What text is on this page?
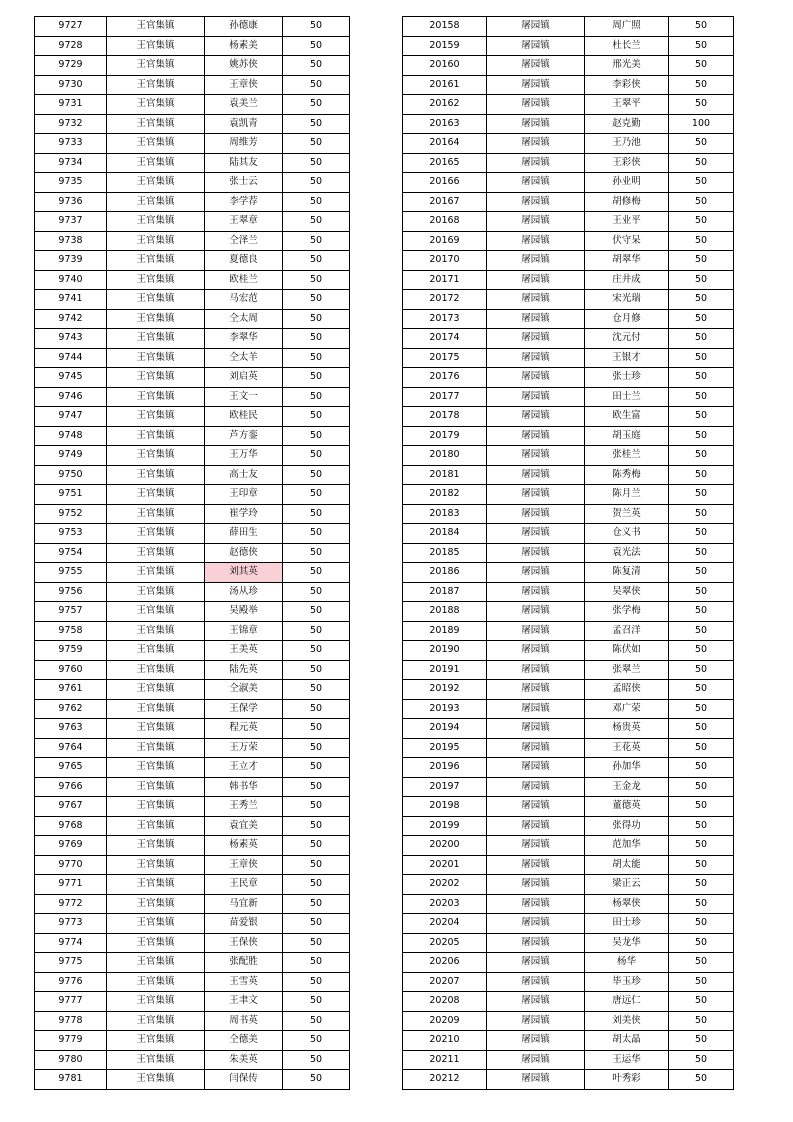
9727	王官集镇	孙德康	50
9728	王官集镇	杨素美	50
9729	王官集镇	姚苏侠	50
9730	王官集镇	王章侠	50
9731	王官集镇	袁美兰	50
9732	王官集镇	袁凯青	50
9733	王官集镇	周维芳	50
9734	王官集镇	陆其友	50
9735	王官集镇	张士云	50
9736	王官集镇	李学荐	50
9737	王官集镇	王翠章	50
9738	王官集镇	仝泽兰	50
9739	王官集镇	夏德良	50
9740	王官集镇	欧桂兰	50
9741	王官集镇	马宏范	50
9742	王官集镇	仝太周	50
9743	王官集镇	李翠华	50
9744	王官集镇	仝太羊	50
9745	王官集镇	刘启英	50
9746	王官集镇	王文一	50
9747	王官集镇	欧桂民	50
9748	王官集镇	芦方銮	50
9749	王官集镇	王万华	50
9750	王官集镇	高士友	50
9751	王官集镇	王印章	50
9752	王官集镇	崔学玲	50
9753	王官集镇	薛田生	50
9754	王官集镇	赵德侠	50
9755	王官集镇	刘其英	50
9756	王官集镇	汤从珍	50
9757	王官集镇	吴殿举	50
9758	王官集镇	王锦章	50
9759	王官集镇	王美英	50
9760	王官集镇	陆先英	50
9761	王官集镇	仝淑美	50
9762	王官集镇	王保学	50
9763	王官集镇	程元英	50
9764	王官集镇	王万荣	50
9765	王官集镇	王立才	50
9766	王官集镇	韩书华	50
9767	王官集镇	王秀兰	50
9768	王官集镇	袁宜美	50
9769	王官集镇	杨素英	50
9770	王官集镇	王章侠	50
9771	王官集镇	王民章	50
9772	王官集镇	马宜新	50
9773	王官集镇	苗爱银	50
9774	王官集镇	王保侠	50
9775	王官集镇	张配胜	50
9776	王官集镇	王雪英	50
9777	王官集镇	王聿文	50
9778	王官集镇	周书英	50
9779	王官集镇	仝德美	50
9780	王官集镇	朱美英	50
9781	王官集镇	闫保传	50
20158	屠园镇	周广照	50
20159	屠园镇	杜长兰	50
20160	屠园镇	邢光美	50
20161	屠园镇	李彩侠	50
20162	屠园镇	王翠平	50
20163	屠园镇	赵克勤	100
20164	屠园镇	王乃池	50
20165	屠园镇	王彩侠	50
20166	屠园镇	孙业明	50
20167	屠园镇	胡修梅	50
20168	屠园镇	王业平	50
20169	屠园镇	伏守呆	50
20170	屠园镇	胡翠华	50
20171	屠园镇	庄井成	50
20172	屠园镇	宋光瑞	50
20173	屠园镇	仓月修	50
20174	屠园镇	沈元付	50
20175	屠园镇	王银才	50
20176	屠园镇	张士珍	50
20177	屠园镇	田士兰	50
20178	屠园镇	欧生富	50
20179	屠园镇	胡玉庭	50
20180	屠园镇	张桂兰	50
20181	屠园镇	陈秀梅	50
20182	屠园镇	陈月兰	50
20183	屠园镇	贺兰英	50
20184	屠园镇	仓义书	50
20185	屠园镇	袁光法	50
20186	屠园镇	陈复清	50
20187	屠园镇	吴翠侠	50
20188	屠园镇	张学梅	50
20189	屠园镇	孟召洋	50
20190	屠园镇	陈伏如	50
20191	屠园镇	张翠兰	50
20192	屠园镇	孟昭侠	50
20193	屠园镇	邓广荣	50
20194	屠园镇	杨贵英	50
20195	屠园镇	王花英	50
20196	屠园镇	孙加华	50
20197	屠园镇	王金龙	50
20198	屠园镇	董德英	50
20199	屠园镇	张得功	50
20200	屠园镇	范加华	50
20201	屠园镇	胡太能	50
20202	屠园镇	梁正云	50
20203	屠园镇	杨翠侠	50
20204	屠园镇	田士珍	50
20205	屠园镇	吴龙华	50
20206	屠园镇	杨华	50
20207	屠园镇	毕玉珍	50
20208	屠园镇	唐远仁	50
20209	屠园镇	刘美侠	50
20210	屠园镇	胡太晶	50
20211	屠园镇	王运华	50
20212	屠园镇	叶秀彩	50
